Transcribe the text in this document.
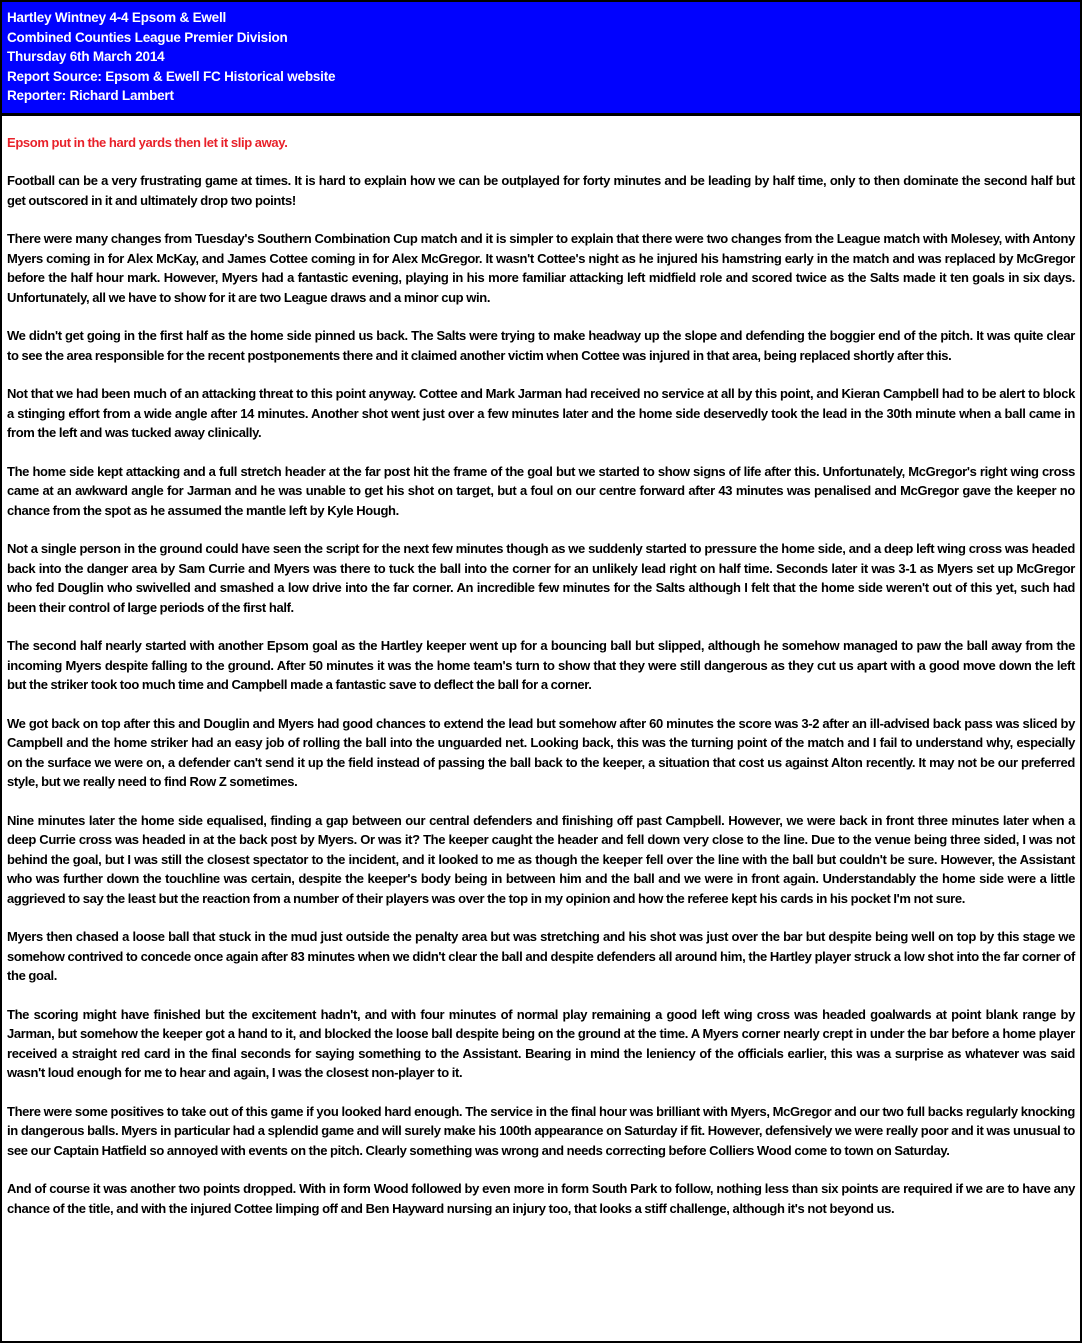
Hartley Wintney 4-4 Epsom & Ewell
Combined Counties League Premier Division
Thursday 6th March 2014
Report Source: Epsom & Ewell FC Historical website
Reporter: Richard Lambert

Epsom put in the hard yards then let it slip away.

Football can be a very frustrating game at times. It is hard to explain how we can be outplayed for forty minutes and be leading by half time, only to then dominate the second half but get outscored in it and ultimately drop two points!

There were many changes from Tuesday's Southern Combination Cup match and it is simpler to explain that there were two changes from the League match with Molesey, with Antony Myers coming in for Alex McKay, and James Cottee coming in for Alex McGregor. It wasn't Cottee's night as he injured his hamstring early in the match and was replaced by McGregor before the half hour mark. However, Myers had a fantastic evening, playing in his more familiar attacking left midfield role and scored twice as the Salts made it ten goals in six days. Unfortunately, all we have to show for it are two League draws and a minor cup win.

We didn't get going in the first half as the home side pinned us back. The Salts were trying to make headway up the slope and defending the boggier end of the pitch. It was quite clear to see the area responsible for the recent postponements there and it claimed another victim when Cottee was injured in that area, being replaced shortly after this.

Not that we had been much of an attacking threat to this point anyway. Cottee and Mark Jarman had received no service at all by this point, and Kieran Campbell had to be alert to block a stinging effort from a wide angle after 14 minutes. Another shot went just over a few minutes later and the home side deservedly took the lead in the 30th minute when a ball came in from the left and was tucked away clinically.

The home side kept attacking and a full stretch header at the far post hit the frame of the goal but we started to show signs of life after this. Unfortunately, McGregor's right wing cross came at an awkward angle for Jarman and he was unable to get his shot on target, but a foul on our centre forward after 43 minutes was penalised and McGregor gave the keeper no chance from the spot as he assumed the mantle left by Kyle Hough.

Not a single person in the ground could have seen the script for the next few minutes though as we suddenly started to pressure the home side, and a deep left wing cross was headed back into the danger area by Sam Currie and Myers was there to tuck the ball into the corner for an unlikely lead right on half time. Seconds later it was 3-1 as Myers set up McGregor who fed Douglin who swivelled and smashed a low drive into the far corner. An incredible few minutes for the Salts although I felt that the home side weren't out of this yet, such had been their control of large periods of the first half.

The second half nearly started with another Epsom goal as the Hartley keeper went up for a bouncing ball but slipped, although he somehow managed to paw the ball away from the incoming Myers despite falling to the ground. After 50 minutes it was the home team's turn to show that they were still dangerous as they cut us apart with a good move down the left but the striker took too much time and Campbell made a fantastic save to deflect the ball for a corner.

We got back on top after this and Douglin and Myers had good chances to extend the lead but somehow after 60 minutes the score was 3-2 after an ill-advised back pass was sliced by Campbell and the home striker had an easy job of rolling the ball into the unguarded net. Looking back, this was the turning point of the match and I fail to understand why, especially on the surface we were on, a defender can't send it up the field instead of passing the ball back to the keeper, a situation that cost us against Alton recently. It may not be our preferred style, but we really need to find Row Z sometimes.

Nine minutes later the home side equalised, finding a gap between our central defenders and finishing off past Campbell. However, we were back in front three minutes later when a deep Currie cross was headed in at the back post by Myers. Or was it? The keeper caught the header and fell down very close to the line. Due to the venue being three sided, I was not behind the goal, but I was still the closest spectator to the incident, and it looked to me as though the keeper fell over the line with the ball but couldn't be sure. However, the Assistant who was further down the touchline was certain, despite the keeper's body being in between him and the ball and we were in front again. Understandably the home side were a little aggrieved to say the least but the reaction from a number of their players was over the top in my opinion and how the referee kept his cards in his pocket I'm not sure.

Myers then chased a loose ball that stuck in the mud just outside the penalty area but was stretching and his shot was just over the bar but despite being well on top by this stage we somehow contrived to concede once again after 83 minutes when we didn't clear the ball and despite defenders all around him, the Hartley player struck a low shot into the far corner of the goal.

The scoring might have finished but the excitement hadn't, and with four minutes of normal play remaining a good left wing cross was headed goalwards at point blank range by Jarman, but somehow the keeper got a hand to it, and blocked the loose ball despite being on the ground at the time. A Myers corner nearly crept in under the bar before a home player received a straight red card in the final seconds for saying something to the Assistant. Bearing in mind the leniency of the officials earlier, this was a surprise as whatever was said wasn't loud enough for me to hear and again, I was the closest non-player to it.

There were some positives to take out of this game if you looked hard enough. The service in the final hour was brilliant with Myers, McGregor and our two full backs regularly knocking in dangerous balls. Myers in particular had a splendid game and will surely make his 100th appearance on Saturday if fit. However, defensively we were really poor and it was unusual to see our Captain Hatfield so annoyed with events on the pitch. Clearly something was wrong and needs correcting before Colliers Wood come to town on Saturday.

And of course it was another two points dropped. With in form Wood followed by even more in form South Park to follow, nothing less than six points are required if we are to have any chance of the title, and with the injured Cottee limping off and Ben Hayward nursing an injury too, that looks a stiff challenge, although it's not beyond us.
